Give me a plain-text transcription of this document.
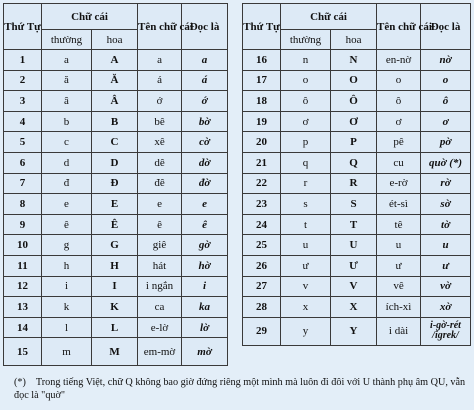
Thứ Tự	Chữ cái		Tên chữ cái	Đọc là
	thường	hoa		
1	a	A	a	a
2	ă	Ă	á	á
3	â	Â	ớ	ớ
4	b	B	bê	bờ
5	c	C	xê	cờ
6	d	D	dê	dờ
7	đ	Đ	đê	đờ
8	e	E	e	e
9	ê	Ê	ê	ê
10	g	G	giê	gờ
11	h	H	hát	hờ
12	i	I	i ngắn	i
13	k	K	ca	ka
14	l	L	e-lờ	lờ
15	m	M	em-mờ	mờ
Thứ Tự	Chữ cái		Tên chữ cái	Đọc là
	thường	hoa		
16	n	N	en-nờ	nờ
17	o	O	o	o
18	ô	Ô	ô	ô
19	ơ	Ơ	ơ	ơ
20	p	P	pê	pờ
21	q	Q	cu	quờ (*)
22	r	R	e-rờ	rờ
23	s	S	ét-sì	sờ
24	t	T	tê	tờ
25	u	U	u	u
26	ư	Ư	ư	ư
27	v	V	vê	vờ
28	x	X	ích-xì	xờ
29	y	Y	i dài	i-gờ-rét /igrek/
(*) Trong tiếng Việt, chữ Q không bao giờ đứng riêng một mình mà luôn đi đôi với U thành phụ âm QU, vẫn đọc là "quờ"
